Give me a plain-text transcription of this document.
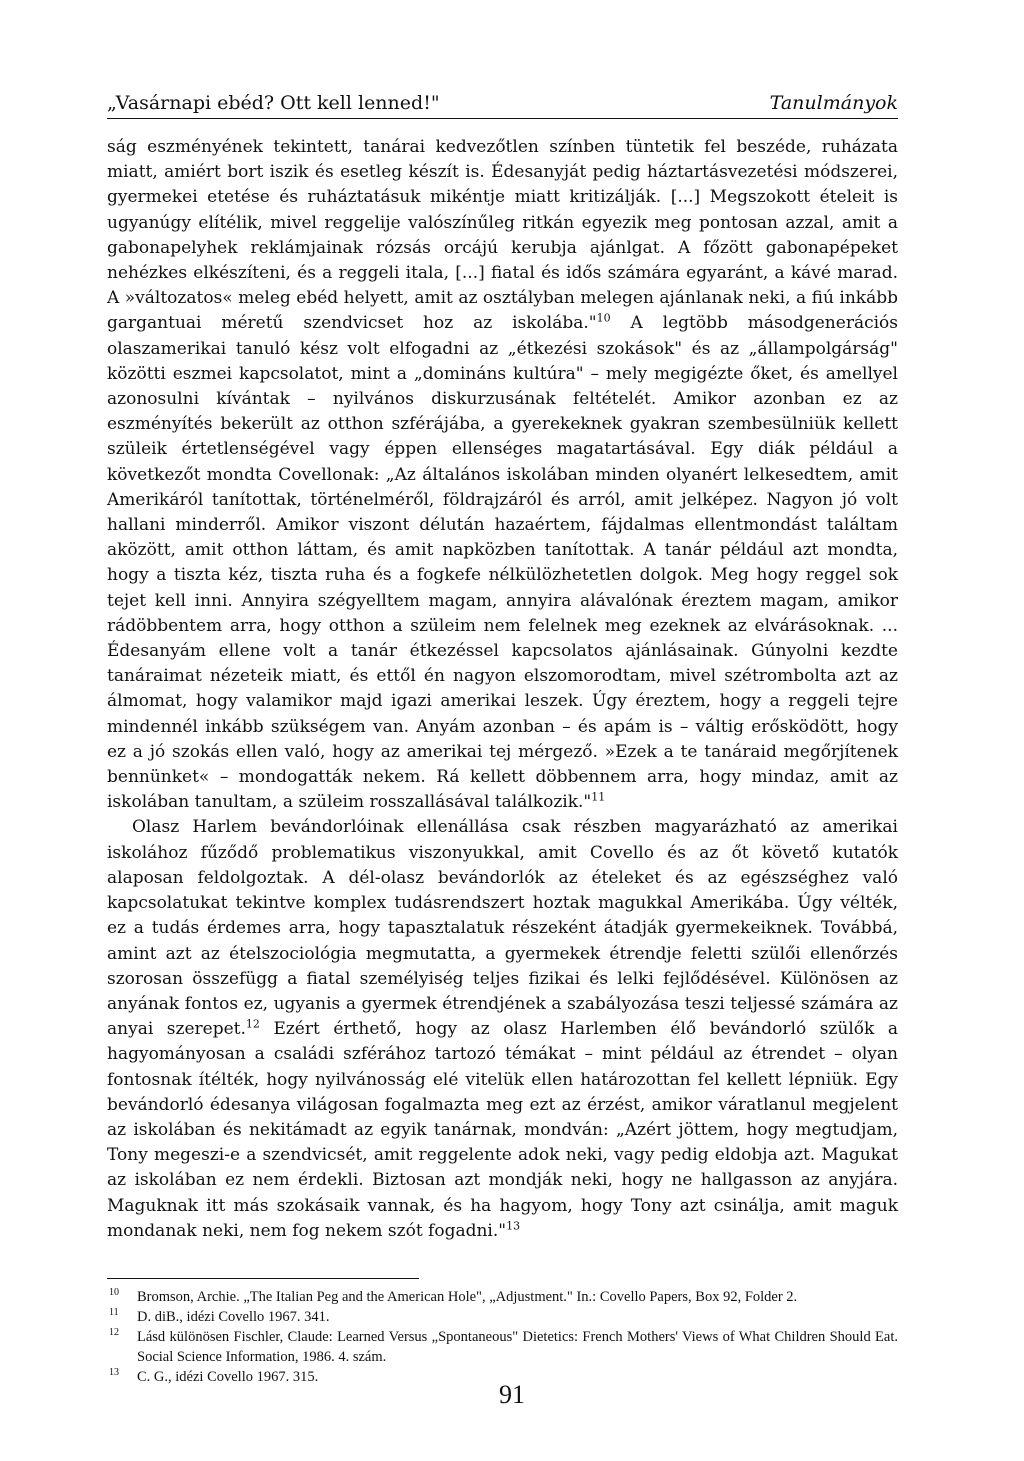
„Vasárnapi ebéd? Ott kell lenned!"	Tanulmányok

ság eszményének tekintett, tanárai kedvezőtlen színben tüntetik fel beszéde, ruházata miatt, amiért bort iszik és esetleg készít is. Édesanyját pedig háztartásvezetési módszerei, gyermekei etetése és ruháztatásuk mikéntje miatt kritizálják. [...] Megszokott ételeit is ugyanúgy elítélik, mivel reggelije valószínűleg ritkán egyezik meg pontosan azzal, amit a gabonapelyhek reklámjainak rózsás orcájú kerubja ajánlgat. A főzött gabonapépeket nehézkes elkészíteni, és a reggeli itala, [...] fiatal és idős számára egyaránt, a kávé marad. A »változatos« meleg ebéd helyett, amit az osztályban melegen ajánlanak neki, a fiú inkább gargantuai méretű szendvicset hoz az iskolába."$^{10}$ A legtöbb másodgenerációs olaszamerikai tanuló kész volt elfogadni az „étkezési szokások" és az „állampolgárság" közötti eszmei kapcsolatot, mint a „domináns kultúra" – mely megigézte őket, és amellyel azonosulni kívántak – nyilvános diskurzusának feltételét. Amikor azonban ez az eszményítés bekerült az otthon szférájába, a gyerekeknek gyakran szembesülniük kellett szüleik értetlenségével vagy éppen ellenséges magatartásával. Egy diák például a következőt mondta Covellonak: „Az általános iskolában minden olyanért lelkesedtem, amit Amerikáról tanítottak, történelméről, földrajzáról és arról, amit jelképez. Nagyon jó volt hallani minderről. Amikor viszont délután hazaértem, fájdalmas ellentmondást találtam aközött, amit otthon láttam, és amit napközben tanítottak. A tanár például azt mondta, hogy a tiszta kéz, tiszta ruha és a fogkefe nélkülözhetetlen dolgok. Meg hogy reggel sok tejet kell inni. Annyira szégyelltem magam, annyira alávalónak éreztem magam, amikor rádöbbentem arra, hogy otthon a szüleim nem felelnek meg ezeknek az elvárásoknak. ... Édesanyám ellene volt a tanár étkezéssel kapcsolatos ajánlásainak. Gúnyolni kezdte tanáraimat nézeteik miatt, és ettől én nagyon elszomorodtam, mivel szétrombolta azt az álmomat, hogy valamikor majd igazi amerikai leszek. Úgy éreztem, hogy a reggeli tejre mindennél inkább szükségem van. Anyám azonban – és apám is – váltig erősködött, hogy ez a jó szokás ellen való, hogy az amerikai tej mérgező. »Ezek a te tanáraid megőrjítenek bennünket« – mondogatták nekem. Rá kellett döbbennem arra, hogy mindaz, amit az iskolában tanultam, a szüleim rosszallásával találkozik."$^{11}$

Olasz Harlem bevándorlóinak ellenállása csak részben magyarázható az amerikai iskolához fűződő problematikus viszonyukkal, amit Covello és az őt követő kutatók alaposan feldolgoztak. A dél-olasz bevándorlók az ételeket és az egészséghez való kapcsolatukat tekintve komplex tudásrendszert hoztak magukkal Amerikába. Úgy vélték, ez a tudás érdemes arra, hogy tapasztalatuk részeként átadják gyermekeiknek. Továbbá, amint azt az ételszociológia megmutatta, a gyermekek étrendje feletti szülői ellenőrzés szorosan összefügg a fiatal személyiség teljes fizikai és lelki fejlődésével. Különösen az anyának fontos ez, ugyanis a gyermek étrendjének a szabályozása teszi teljessé számára az anyai szerepet.$^{12}$ Ezért érthető, hogy az olasz Harlemben élő bevándorló szülők a hagyományosan a családi szférához tartozó témákat – mint például az étrendet – olyan fontosnak ítélték, hogy nyilvánosság elé vitelük ellen határozottan fel kellett lépniük. Egy bevándorló édesanya világosan fogalmazta meg ezt az érzést, amikor váratlanul megjelent az iskolában és nekitámadt az egyik tanárnak, mondván: „Azért jöttem, hogy megtudjam, Tony megeszi-e a szendvicsét, amit reggelente adok neki, vagy pedig eldobja azt. Magukat az iskolában ez nem érdekli. Biztosan azt mondják neki, hogy ne hallgasson az anyjára. Maguknak itt más szokásaik vannak, és ha hagyom, hogy Tony azt csinálja, amit maguk mondanak neki, nem fog nekem szót fogadni."$^{13}$

$^{10}$	Bromson, Archie. „The Italian Peg and the American Hole", „Adjustment." In.: Covello Papers, Box 92, Folder 2.
$^{11}$	D. diB., idézi Covello 1967. 341.
$^{12}$	Lásd különösen Fischler, Claude: Learned Versus „Spontaneous" Dietetics: French Mothers' Views of What Children Should Eat. Social Science Information, 1986. 4. szám.
$^{13}$	C. G., idézi Covello 1967. 315.
91
